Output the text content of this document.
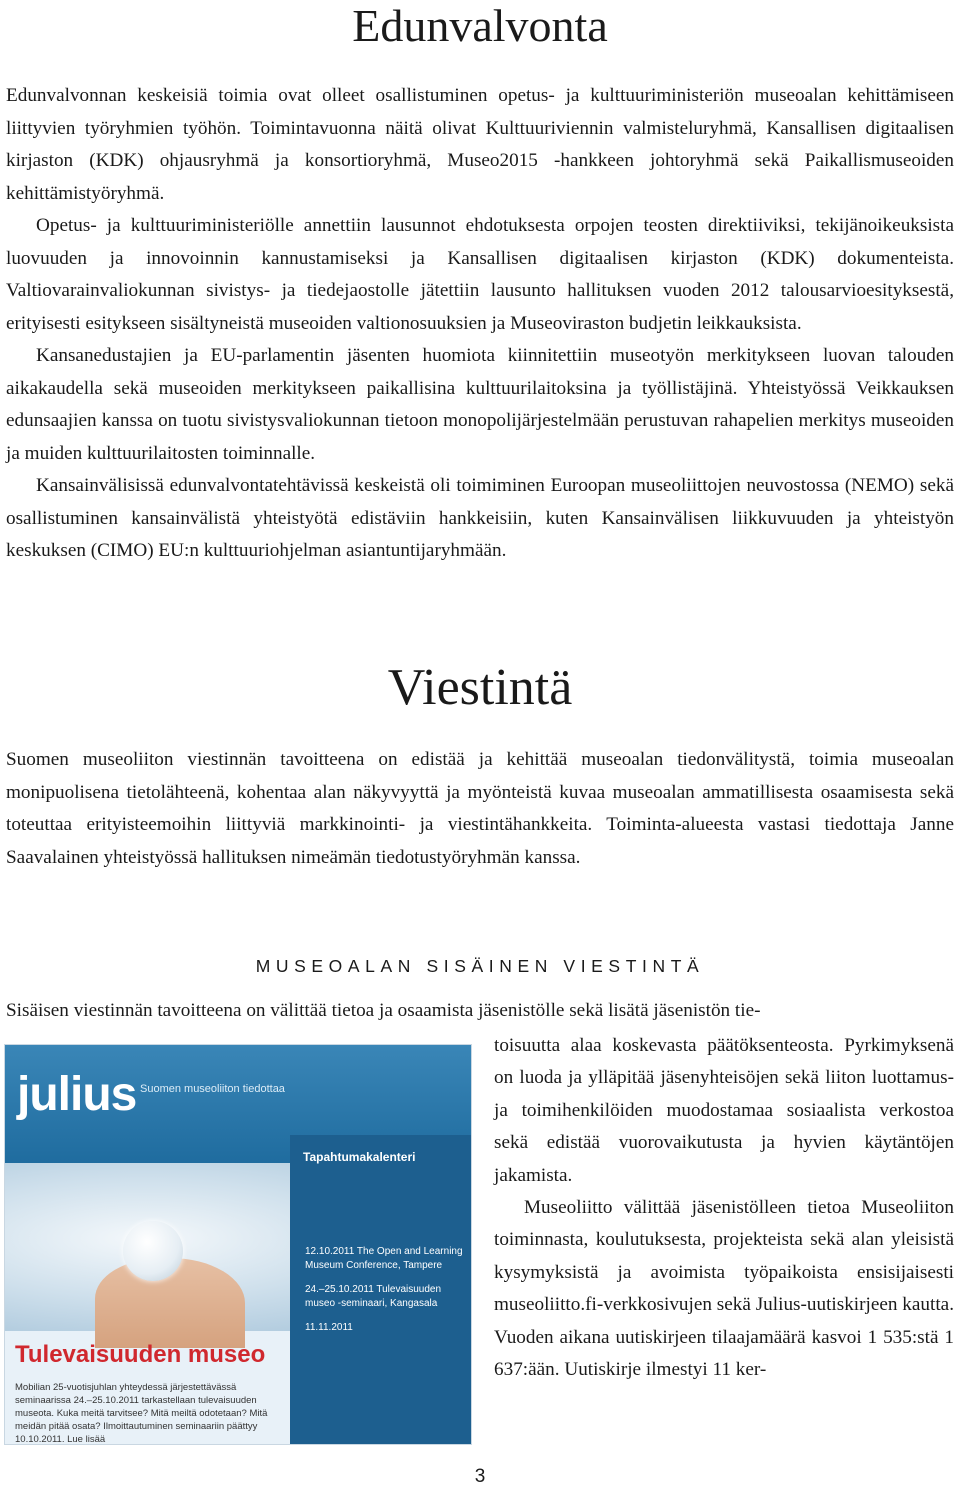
Edunvalvonta

Edunvalvonnan keskeisiä toimia ovat olleet osallistuminen opetus- ja kulttuuriministeriön museoalan kehittämiseen liittyvien työryhmien työhön. Toimintavuonna näitä olivat Kulttuuriviennin valmisteluryhmä, Kansallisen digitaalisen kirjaston (KDK) ohjausryhmä ja konsortioryhmä, Museo2015 -hankkeen johtoryhmä sekä Paikallismuseoiden kehittämistyöryhmä.

Opetus- ja kulttuuriministeriölle annettiin lausunnot ehdotuksesta orpojen teosten direktiiviksi, tekijänoikeuksista luovuuden ja innovoinnin kannustamiseksi ja Kansallisen digitaalisen kirjaston (KDK) dokumenteista. Valtiovarainvaliokunnan sivistys- ja tiedejaostolle jätettiin lausunto hallituksen vuoden 2012 talousarvioesityksestä, erityisesti esitykseen sisältyneistä museoiden valtionosuuksien ja Museoviraston budjetin leikkauksista.

Kansanedustajien ja EU-parlamentin jäsenten huomiota kiinnitettiin museotyön merkitykseen luovan talouden aikakaudella sekä museoiden merkitykseen paikallisina kulttuurilaitoksina ja työllistäjinä. Yhteistyössä Veikkauksen edunsaajien kanssa on tuotu sivistysvaliokunnan tietoon monopolijärjestelmään perustuvan rahapelien merkitys museoiden ja muiden kulttuurilaitosten toiminnalle.

Kansainvälisissä edunvalvontatehtävissä keskeistä oli toimiminen Euroopan museoliittojen neuvostossa (NEMO) sekä osallistuminen kansainvälistä yhteistyötä edistäviin hankkeisiin, kuten Kansainvälisen liikkuvuuden ja yhteistyön keskuksen (CIMO) EU:n kulttuuriohjelman asiantuntijaryhmään.

Viestintä

Suomen museoliiton viestinnän tavoitteena on edistää ja kehittää museoalan tiedonvälitystä, toimia museoalan monipuolisena tietolähteenä, kohentaa alan näkyvyyttä ja myönteistä kuvaa museoalan ammatillisesta osaamisesta sekä toteuttaa erityisteemoihin liittyviä markkinointi- ja viestintähankkeita. Toiminta-alueesta vastasi tiedottaja Janne Saavalainen yhteistyössä hallituksen nimeämän tiedotustyöryhmän kanssa.

MUSEOALAN SISÄINEN VIESTINTÄ

Sisäisen viestinnän tavoitteena on välittää tietoa ja osaamista jäsenistölle sekä lisätä jäsenistön tie-

julius Suomen museoliiton tiedottaa
Tapahtumakalenteri
12.10.2011 The Open and Learning Museum Conference, Tampere
24.–25.10.2011 Tulevaisuuden museo -seminaari, Kangasala
11.11.2011
Tulevaisuuden museo
Mobilian 25-vuotisjuhlan yhteydessä järjestettävässä seminaarissa 24.–25.10.2011 tarkastellaan tulevaisuuden museota. Kuka meitä tarvitsee? Mitä meiltä odotetaan? Mitä meidän pitää osata? Ilmoittautuminen seminaariin päättyy 10.10.2011. Lue lisää

toisuutta alaa koskevasta päätöksenteosta. Pyrkimyksenä on luoda ja ylläpitää jäsenyhteisöjen sekä liiton luottamus- ja toimihenkilöiden muodostamaa sosiaalista verkostoa sekä edistää vuorovaikutusta ja hyvien käytäntöjen jakamista.

Museoliitto välittää jäsenistölleen tietoa Museoliiton toiminnasta, koulutuksesta, projekteista sekä alan yleisistä kysymyksistä ja avoimista työpaikoista ensisijaisesti museoliitto.fi-verkkosivujen sekä Julius-uutiskirjeen kautta. Vuoden aikana uutiskirjeen tilaajamäärä kasvoi 1 535:stä 1 637:ään. Uutiskirje ilmestyi 11 ker-

3
